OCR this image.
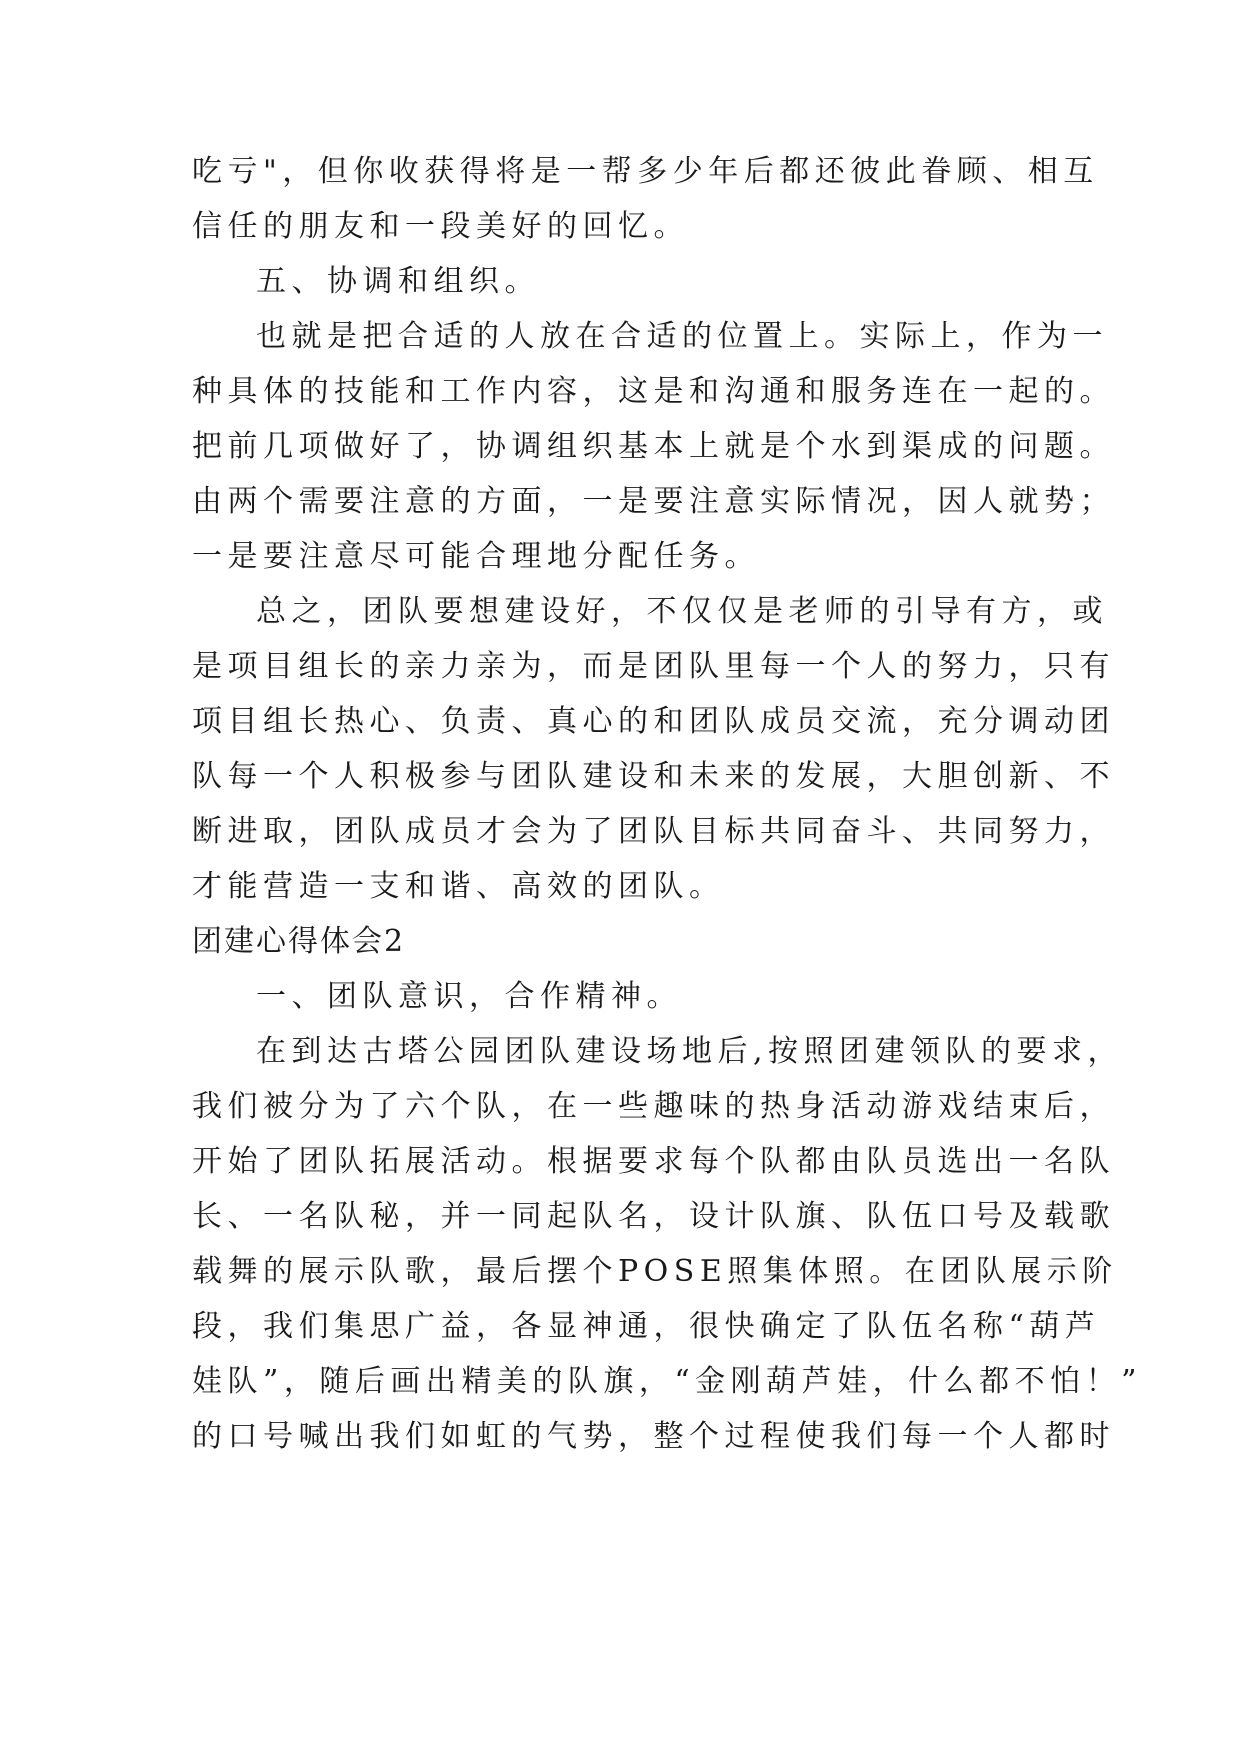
吃亏"，但你收获得将是一帮多少年后都还彼此眷顾、相互
信任的朋友和一段美好的回忆。
五、协调和组织。
也就是把合适的人放在合适的位置上。实际上，作为一
种具体的技能和工作内容，这是和沟通和服务连在一起的。
把前几项做好了，协调组织基本上就是个水到渠成的问题。
由两个需要注意的方面，一是要注意实际情况，因人就势；
一是要注意尽可能合理地分配任务。
总之，团队要想建设好，不仅仅是老师的引导有方，或
是项目组长的亲力亲为，而是团队里每一个人的努力，只有
项目组长热心、负责、真心的和团队成员交流，充分调动团
队每一个人积极参与团队建设和未来的发展，大胆创新、不
断进取，团队成员才会为了团队目标共同奋斗、共同努力，
才能营造一支和谐、高效的团队。
团建心得体会2
一、团队意识，合作精神。
在到达古塔公园团队建设场地后,按照团建领队的要求，
我们被分为了六个队，在一些趣味的热身活动游戏结束后，
开始了团队拓展活动。根据要求每个队都由队员选出一名队
长、一名队秘，并一同起队名，设计队旗、队伍口号及载歌
载舞的展示队歌，最后摆个POSE照集体照。在团队展示阶
段，我们集思广益，各显神通，很快确定了队伍名称“葫芦
娃队”，随后画出精美的队旗，“金刚葫芦娃，什么都不怕！”
的口号喊出我们如虹的气势，整个过程使我们每一个人都时
